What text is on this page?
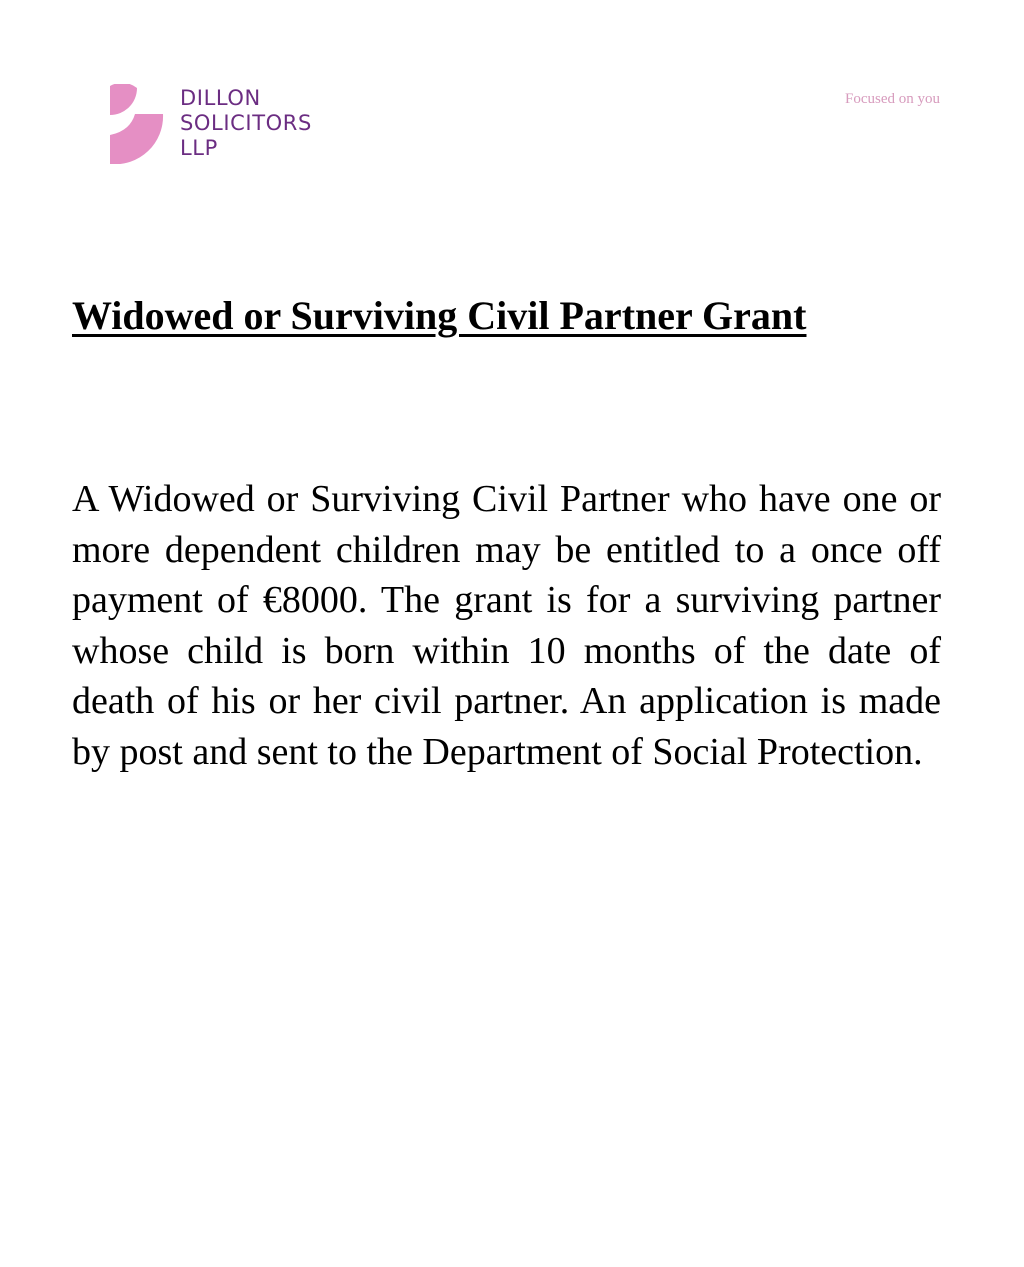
DILLON
SOLICITORS
LLP
Focused on you
Widowed or Surviving Civil Partner Grant

A Widowed or Surviving Civil Partner who have one or more dependent children may be entitled to a once off payment of €8000. The grant is for a surviving partner whose child is born within 10 months of the date of death of his or her civil partner. An application is made by post and sent to the Department of Social Protection.
